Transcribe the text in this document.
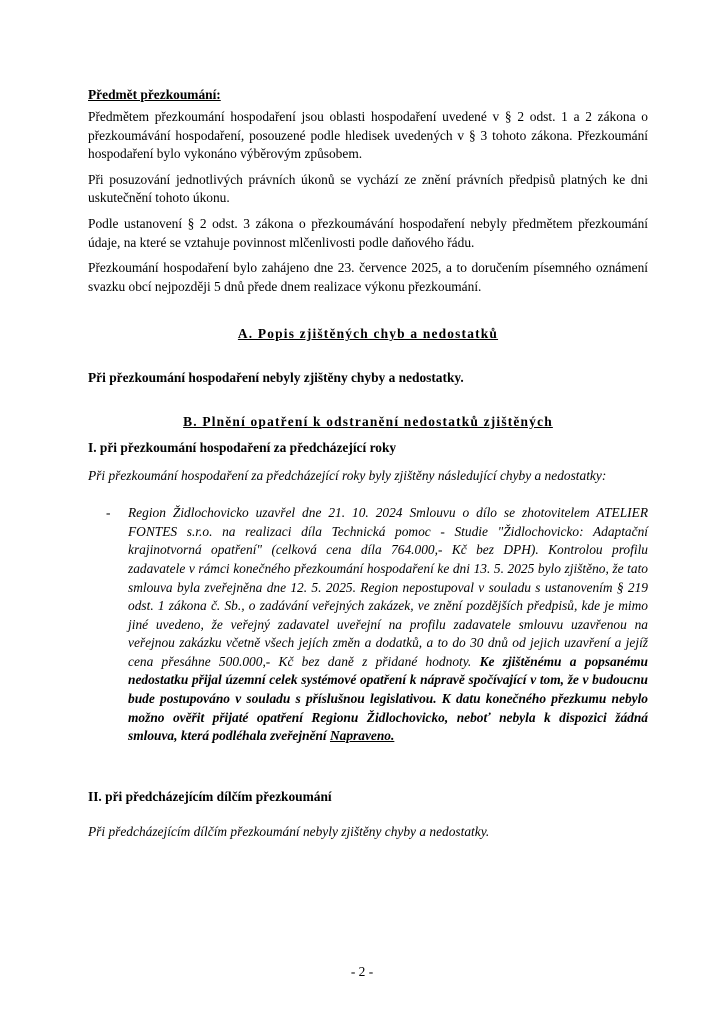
Předmět přezkoumání:

Předmětem přezkoumání hospodaření jsou oblasti hospodaření uvedené v § 2 odst. 1 a 2 zákona o přezkoumávání hospodaření, posouzené podle hledisek uvedených v § 3 tohoto zákona. Přezkoumání hospodaření bylo vykonáno výběrovým způsobem.

Při posuzování jednotlivých právních úkonů se vychází ze znění právních předpisů platných ke dni uskutečnění tohoto úkonu.

Podle ustanovení § 2 odst. 3 zákona o přezkoumávání hospodaření nebyly předmětem přezkoumání údaje, na které se vztahuje povinnost mlčenlivosti podle daňového řádu.

Přezkoumání hospodaření bylo zahájeno dne 23. července 2025, a to doručením písemného oznámení svazku obcí nejpozději 5 dnů přede dnem realizace výkonu přezkoumání.

A. Popis zjištěných chyb a nedostatků

Při přezkoumání hospodaření nebyly zjištěny chyby a nedostatky.

B. Plnění opatření k odstranění nedostatků zjištěných

I. při přezkoumání hospodaření za předcházející roky

Při přezkoumání hospodaření za předcházející roky byly zjištěny následující chyby a nedostatky:

- Region Židlochovicko uzavřel dne 21. 10. 2024 Smlouvu o dílo se zhotovitelem ATELIER FONTES s.r.o. na realizaci díla Technická pomoc - Studie "Židlochovicko: Adaptační krajinotvorná opatření" (celková cena díla 764.000,- Kč bez DPH). Kontrolou profilu zadavatele v rámci konečného přezkoumání hospodaření ke dni 13. 5. 2025 bylo zjištěno, že tato smlouva byla zveřejněna dne 12. 5. 2025. Region nepostupoval v souladu s ustanovením § 219 odst. 1 zákona č. Sb., o zadávání veřejných zakázek, ve znění pozdějších předpisů, kde je mimo jiné uvedeno, že veřejný zadavatel uveřejní na profilu zadavatele smlouvu uzavřenou na veřejnou zakázku včetně všech jejích změn a dodatků, a to do 30 dnů od jejich uzavření a jejíž cena přesáhne 500.000,- Kč bez daně z přidané hodnoty. Ke zjištěnému a popsanému nedostatku přijal územní celek systémové opatření k nápravě spočívající v tom, že v budoucnu bude postupováno v souladu s příslušnou legislativou. K datu konečného přezkumu nebylo možno ověřit přijaté opatření Regionu Židlochovicko, neboť nebyla k dispozici žádná smlouva, která podléhala zveřejnění Napraveno.

II. při předcházejícím dílčím přezkoumání

Při předcházejícím dílčím přezkoumání nebyly zjištěny chyby a nedostatky.

- 2 -
